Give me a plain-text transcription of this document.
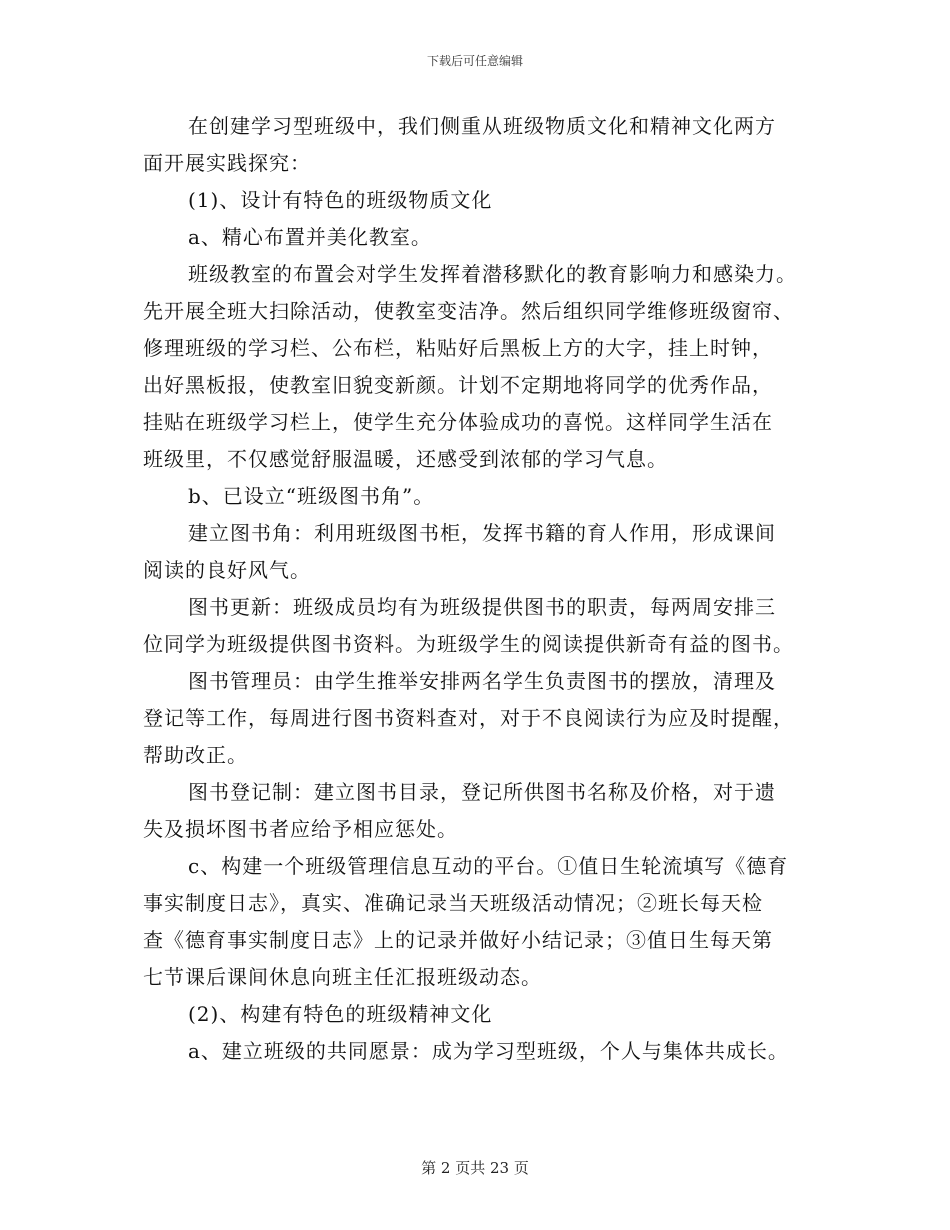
下载后可任意编辑

在创建学习型班级中，我们侧重从班级物质文化和精神文化两方
面开展实践探究：

(1)、设计有特色的班级物质文化

a、精心布置并美化教室。

班级教室的布置会对学生发挥着潜移默化的教育影响力和感染力。
先开展全班大扫除活动，使教室变洁净。然后组织同学维修班级窗帘、
修理班级的学习栏、公布栏，粘贴好后黑板上方的大字，挂上时钟，
出好黑板报，使教室旧貌变新颜。计划不定期地将同学的优秀作品，
挂贴在班级学习栏上，使学生充分体验成功的喜悦。这样同学生活在
班级里，不仅感觉舒服温暖，还感受到浓郁的学习气息。

b、已设立“班级图书角”。

建立图书角：利用班级图书柜，发挥书籍的育人作用，形成课间
阅读的良好风气。

图书更新：班级成员均有为班级提供图书的职责，每两周安排三
位同学为班级提供图书资料。为班级学生的阅读提供新奇有益的图书。

图书管理员：由学生推举安排两名学生负责图书的摆放，清理及
登记等工作，每周进行图书资料查对，对于不良阅读行为应及时提醒，
帮助改正。

图书登记制：建立图书目录，登记所供图书名称及价格，对于遗
失及损坏图书者应给予相应惩处。

c、构建一个班级管理信息互动的平台。①值日生轮流填写《德育
事实制度日志》，真实、准确记录当天班级活动情况；②班长每天检
查《德育事实制度日志》上的记录并做好小结记录；③值日生每天第
七节课后课间休息向班主任汇报班级动态。

(2)、构建有特色的班级精神文化

a、建立班级的共同愿景：成为学习型班级，个人与集体共成长。

第 2 页共 23 页
